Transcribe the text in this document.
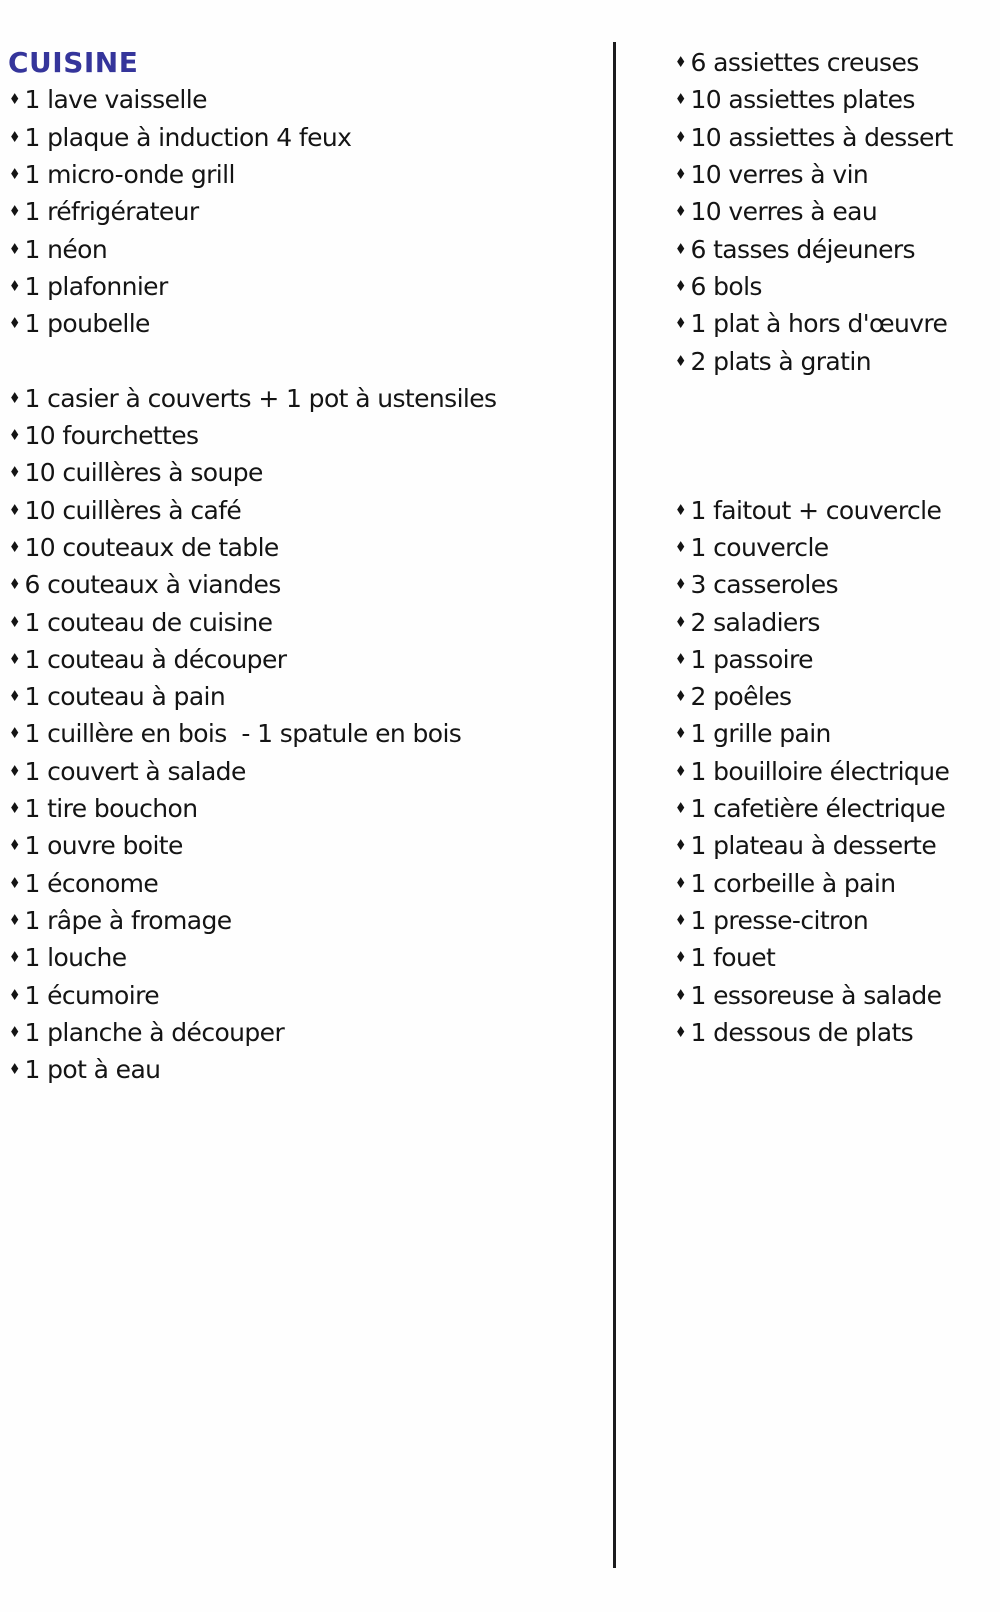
CUISINE
♦ 1 lave vaisselle
♦ 1 plaque à induction 4 feux
♦ 1 micro-onde grill
♦ 1 réfrigérateur
♦ 1 néon
♦ 1 plafonnier
♦ 1 poubelle
♦ 1 casier à couverts + 1 pot à ustensiles
♦ 10 fourchettes
♦ 10 cuillères à soupe
♦ 10 cuillères à café
♦ 10 couteaux de table
♦ 6 couteaux à viandes
♦ 1 couteau de cuisine
♦ 1 couteau à découper
♦ 1 couteau à pain
♦ 1 cuillère en bois  - 1 spatule en bois
♦ 1 couvert à salade
♦ 1 tire bouchon
♦ 1 ouvre boite
♦ 1 économe
♦ 1 râpe à fromage
♦ 1 louche
♦ 1 écumoire
♦ 1 planche à découper
♦ 1 pot à eau
♦ 6 assiettes creuses
♦ 10 assiettes plates
♦ 10 assiettes à dessert
♦ 10 verres à vin
♦ 10 verres à eau
♦ 6 tasses déjeuners
♦ 6 bols
♦ 1 plat à hors d'œuvre
♦ 2 plats à gratin
♦ 1 faitout + couvercle
♦ 1 couvercle
♦ 3 casseroles
♦ 2 saladiers
♦ 1 passoire
♦ 2 poêles
♦ 1 grille pain
♦ 1 bouilloire électrique
♦ 1 cafetière électrique
♦ 1 plateau à desserte
♦ 1 corbeille à pain
♦ 1 presse-citron
♦ 1 fouet
♦ 1 essoreuse à salade
♦ 1 dessous de plats
